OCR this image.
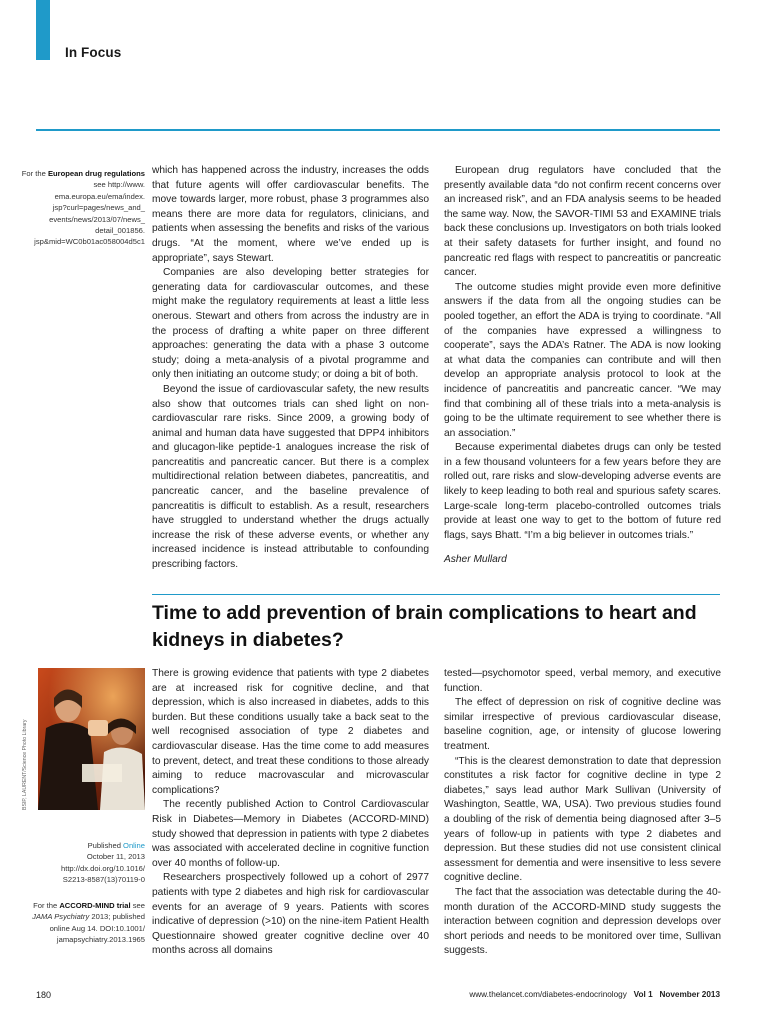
In Focus
For the European drug regulations
see http://www.
ema.europa.eu/ema/index.
jsp?curl=pages/news_and_
events/news/2013/07/news_
detail_001856.
jsp&mid=WC0b01ac058004d5c1

which has happened across the industry, increases the odds that future agents will offer cardiovascular benefits. The move towards larger, more robust, phase 3 programmes also means there are more data for regulators, clinicians, and patients when assessing the benefits and risks of the various drugs. “At the moment, where we’ve ended up is appropriate”, says Stewart.

Companies are also developing better strategies for generating data for cardiovascular outcomes, and these might make the regulatory requirements at least a little less onerous. Stewart and others from across the industry are in the process of drafting a white paper on three different approaches: generating the data with a phase 3 outcome study; doing a meta-analysis of a pivotal programme and only then initiating an outcome study; or doing a bit of both.

Beyond the issue of cardiovascular safety, the new results also show that outcomes trials can shed light on non-cardiovascular rare risks. Since 2009, a growing body of animal and human data have suggested that DPP4 inhibitors and glucagon-like peptide-1 analogues increase the risk of pancreatitis and pancreatic cancer. But there is a complex multidirectional relation between diabetes, pancreatitis, and pancreatic cancer, and the baseline prevalence of pancreatitis is difficult to establish. As a result, researchers have struggled to understand whether the drugs actually increase the risk of these adverse events, or whether any increased incidence is instead attributable to confounding prescribing factors.

European drug regulators have concluded that the presently available data “do not confirm recent concerns over an increased risk”, and an FDA analysis seems to be headed the same way. Now, the SAVOR-TIMI 53 and EXAMINE trials back these conclusions up. Investigators on both trials looked at their safety datasets for further insight, and found no pancreatic red flags with respect to pancreatitis or pancreatic cancer.

The outcome studies might provide even more definitive answers if the data from all the ongoing studies can be pooled together, an effort the ADA is trying to coordinate. “All of the companies have expressed a willingness to cooperate”, says the ADA’s Ratner. The ADA is now looking at what data the companies can contribute and will then develop an appropriate analysis protocol to look at the incidence of pancreatitis and pancreatic cancer. “We may find that combining all of these trials into a meta-analysis is going to be the ultimate requirement to see whether there is an association.”

Because experimental diabetes drugs can only be tested in a few thousand volunteers for a few years before they are rolled out, rare risks and slow-developing adverse events are likely to keep leading to both real and spurious safety scares. Large-scale long-term placebo-controlled outcomes trials provide at least one way to get to the bottom of future red flags, says Bhatt. “I’m a big believer in outcomes trials.”

Asher Mullard

Time to add prevention of brain complications to heart and kidneys in diabetes?
BSIP, LAURENT/Science Photo Library
Published Online
October 11, 2013
http://dx.doi.org/10.1016/
S2213-8587(13)70119-0
For the ACCORD-MIND trial see
JAMA Psychiatry 2013; published
online Aug 14. DOI:10.1001/
jamapsychiatry.2013.1965

There is growing evidence that patients with type 2 diabetes are at increased risk for cognitive decline, and that depression, which is also increased in diabetes, adds to this burden. But these conditions usually take a back seat to the well recognised association of type 2 diabetes and cardiovascular disease. Has the time come to add measures to prevent, detect, and treat these conditions to those already aiming to reduce macrovascular and microvascular complications?

The recently published Action to Control Cardiovascular Risk in Diabetes—Memory in Diabetes (ACCORD-MIND) study showed that depression in patients with type 2 diabetes was associated with accelerated decline in cognitive function over 40 months of follow-up.

Researchers prospectively followed up a cohort of 2977 patients with type 2 diabetes and high risk for cardiovascular events for an average of 9 years. Patients with scores indicative of depression (>10) on the nine-item Patient Health Questionnaire showed greater cognitive decline over 40 months across all domains

tested—psychomotor speed, verbal memory, and executive function.

The effect of depression on risk of cognitive decline was similar irrespective of previous cardiovascular disease, baseline cognition, age, or intensity of glucose lowering treatment.

“This is the clearest demonstration to date that depression constitutes a risk factor for cognitive decline in type 2 diabetes,” says lead author Mark Sullivan (University of Washington, Seattle, WA, USA). Two previous studies found a doubling of the risk of dementia being diagnosed after 3–5 years of follow-up in patients with type 2 diabetes and depression. But these studies did not use consistent clinical assessment for dementia and were insensitive to less severe cognitive decline.

The fact that the association was detectable during the 40-month duration of the ACCORD-MIND study suggests the interaction between cognition and depression develops over short periods and needs to be monitored over time, Sullivan suggests.

180	www.thelancet.com/diabetes-endocrinology Vol 1 November 2013
